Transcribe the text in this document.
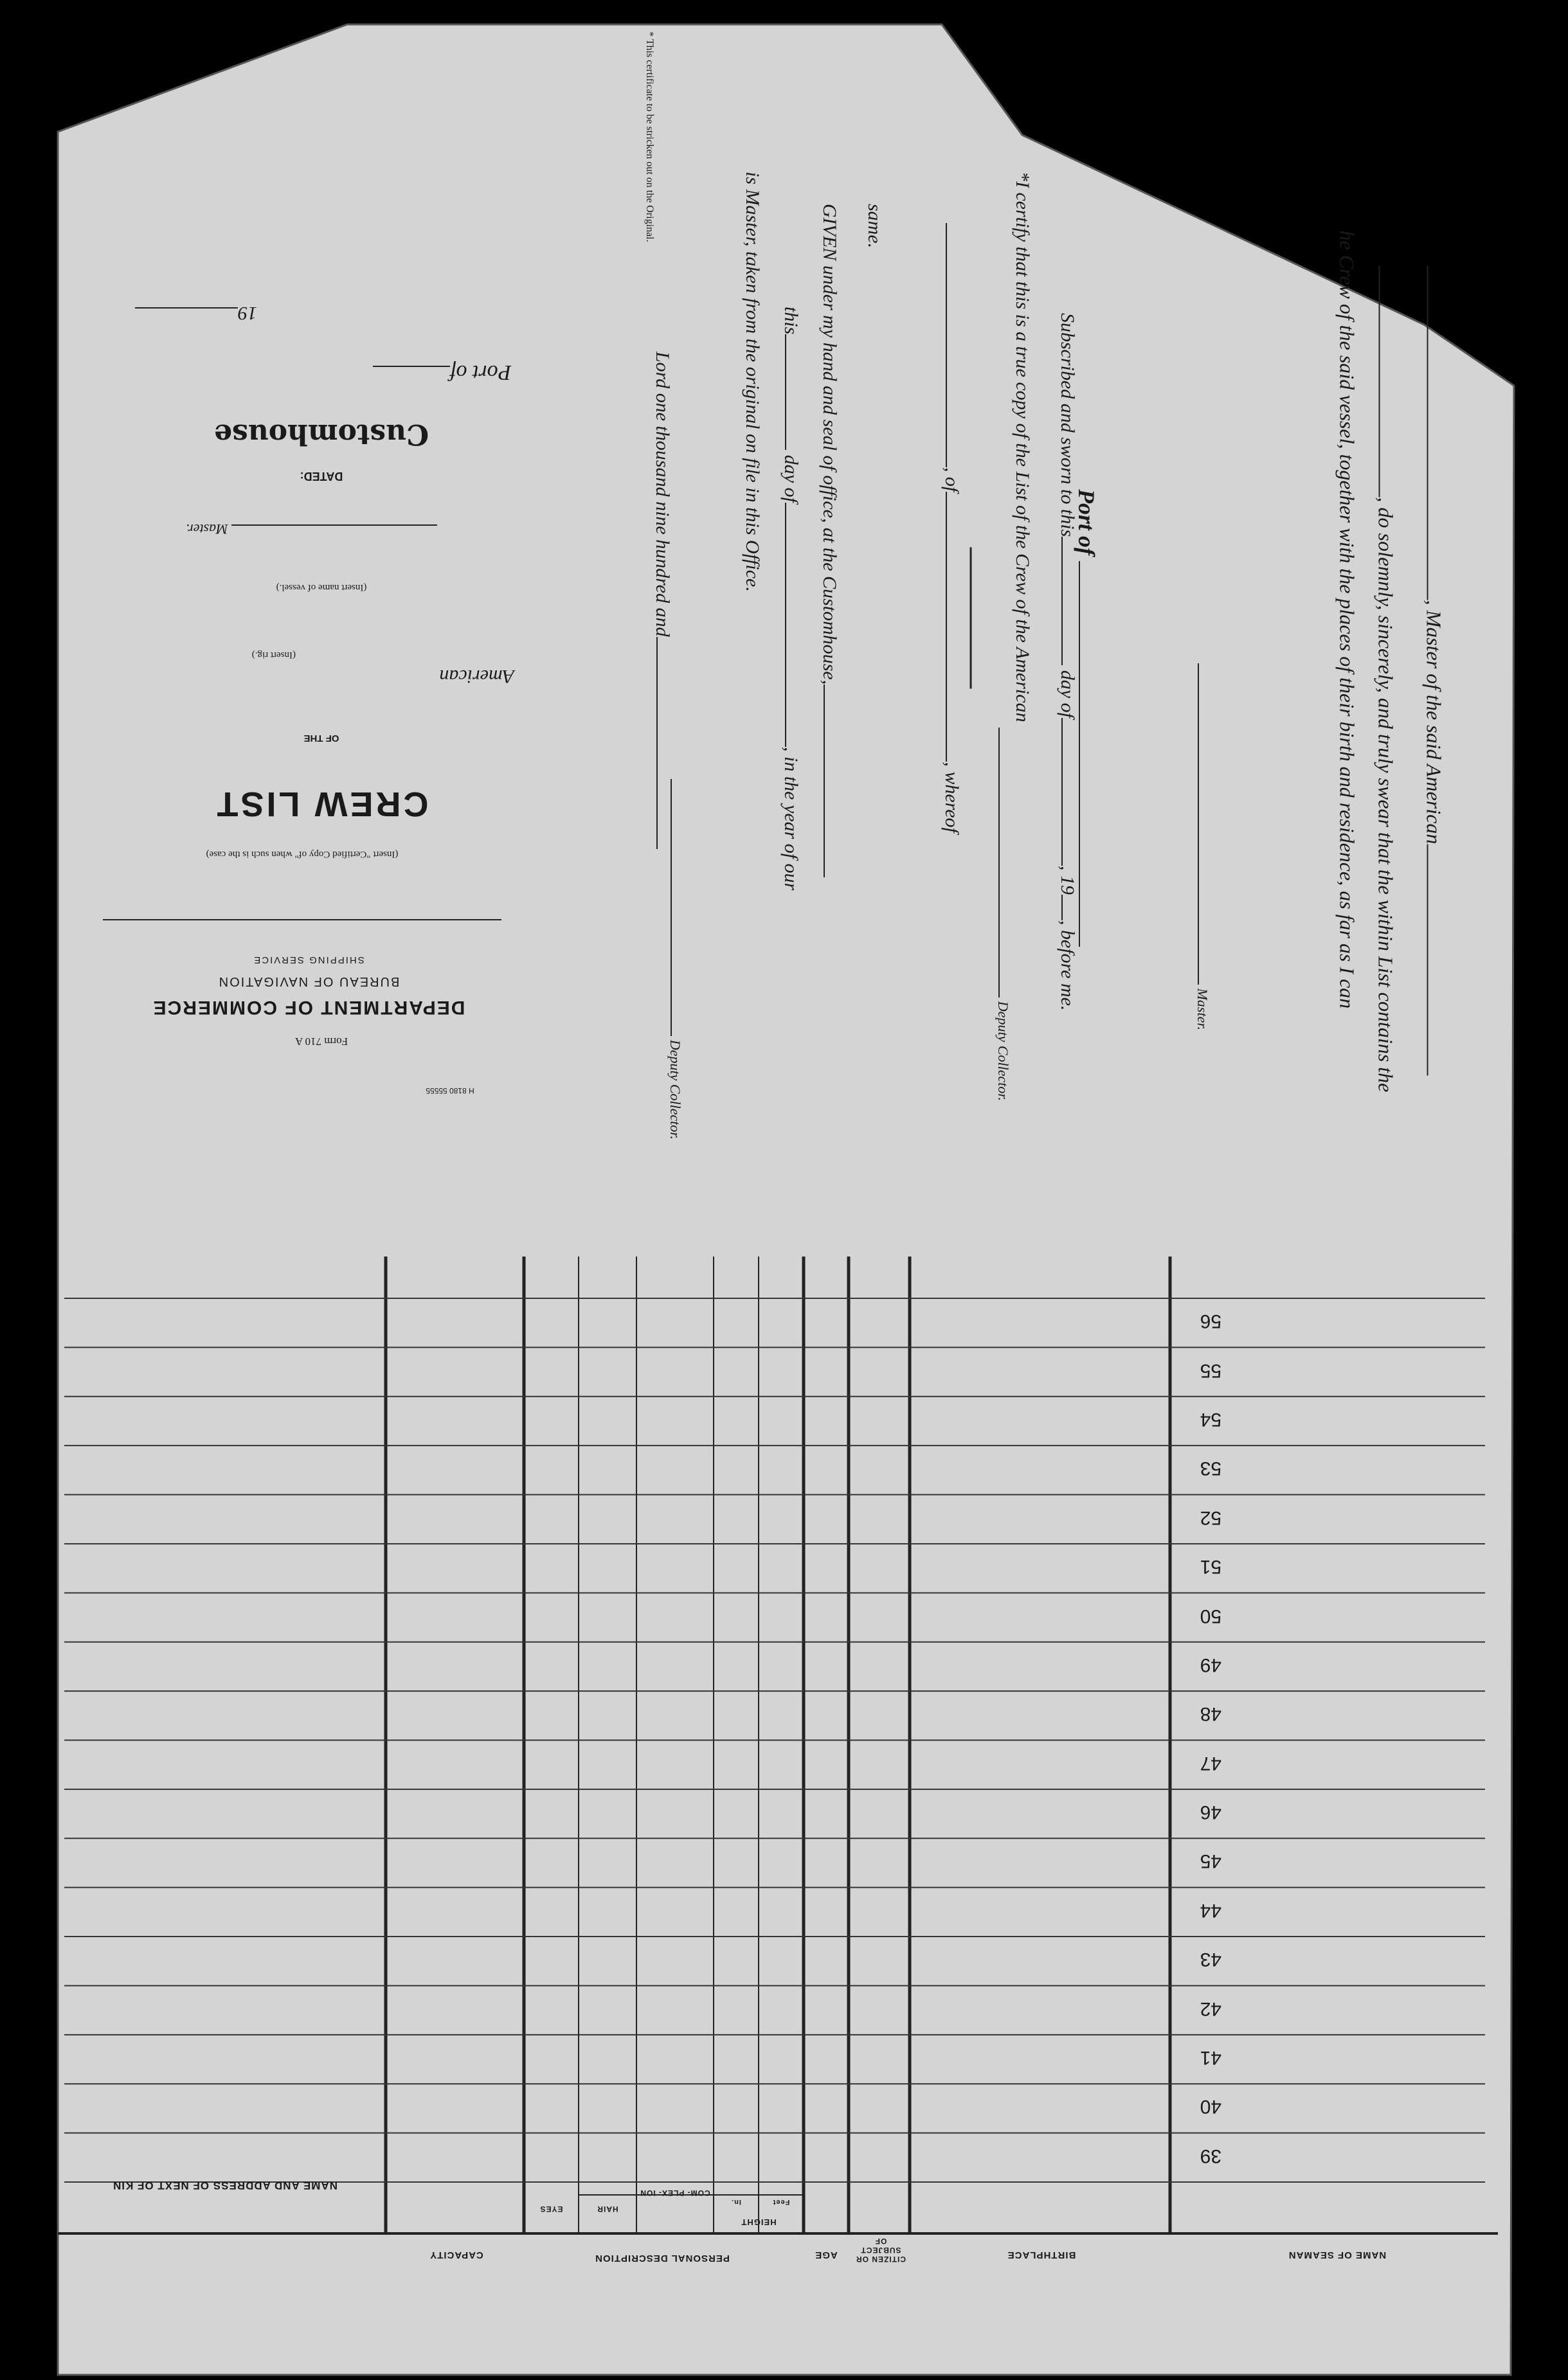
, Master of the said American
, do solemnly, sincerely, and truly swear that the within List contains the
he Crew of the said vessel, together with the places of their birth and residence, as far as I can
same.
Master.
Port of
Subscribed and sworn to this day of, 19, before me.
Deputy Collector.
*I certify that this is a true copy of the List of the Crew of the American
, of, whereof
is Master, taken from the original on file in this Office.	GIVEN under my hand and seal of office, at the Customhouse,
this day of, in the year of our
Lord one thousand nine hundred and
Deputy Collector.
* This certificate to be stricken out on the Original.
Port of
19
Customhouse
DATED:
Master.
(Insert name of vessel.)
American
(Insert rig.)
OF THE
CREW LIST
(Insert "Certified Copy of" when such is the case)
DEPARTMENT OF COMMERCE
BUREAU OF NAVIGATION
SHIPPING SERVICE
Form 710 A
H 8180 55555
NAME OF SEAMAN
BIRTHPLACE
CITIZEN OR SUBJECT OF
AGE
PERSONAL DESCRIPTION
HEIGHT
Feet
In.
COM- PLEX- ION
HAIR
EYES
CAPACITY
NAME AND ADDRESS OF NEXT OF KIN
39
40
41
42
43
44
45
46
47
48
49
50
51
52
53
54
55
56
